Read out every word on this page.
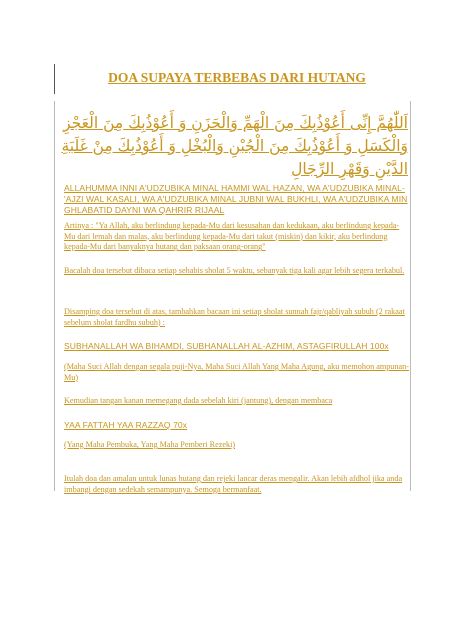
DOA SUPAYA TERBEBAS DARI HUTANG
اَللّٰهُمَّ إِنِّى أَعُوْذُبِكَ مِنَ الْهَمِّ وَالْحَزَنِ وَ أَعُوْذُبِكَ مِنَ الْعَجْزِ وَالْكَسَلِ وَ أَعُوْذُبِكَ مِنَ الْجُبْنِ وَالْبُخْلِ وَ أَعُوْذُبِكَ مِنْ غَلَبَةِ الدَّيْنِ وَقَهْرِ الرِّجَالِ
ALLAHUMMA INNI A'UDZUBIKA MINAL HAMMI WAL HAZAN, WA A'UDZUBIKA MINAL-'AJZI WAL KASALI, WA A'UDZUBIKA MINAL JUBNI WAL BUKHLI, WA A'UDZUBIKA MIN GHLABATID DAYNI WA QAHRIR RIJAAL
Artinya : "Ya Allah, aku berlindung kepada-Mu dari kesusahan dan kedukaan, aku berlindung kepada-Mu dari lemah dan malas, aku berlindung kepada-Mu dari takut (miskin) dan kikir, aku berlindung kepada-Mu dari banyaknya hutang dan paksaan orang-orang"
Bacalah doa tersebut dibaca setiap sehabis sholat 5 waktu, sebanyak tiga kali agar lebih segera terkabul.
Disamping doa tersebut di atas, tambahkan bacaan ini setiap sholat sunnah fajr/qabliyah subuh (2 rakaat sebelum sholat fardhu subuh) :
SUBHANALLAH WA BIHAMDI, SUBHANALLAH AL-AZHIM, ASTAGFIRULLAH 100x
(Maha Suci Allah dengan segala puji-Nya, Maha Suci Allah Yang Maha Agung, aku memohon ampunan-Mu)
Kemudian tangan kanan memegang dada sebelah kiri (jantung), dengan membaca
YAA FATTAH YAA RAZZAQ 70x
(Yang Maha Pembuka, Yang Maha Pemberi Rezeki)
Itulah doa dan amalan untuk lunas hutang dan rejeki lancar deras mengalir. Akan lebih afdhol jika anda imbangi dengan sedekah semampunya. Semoga bermanfaat.
